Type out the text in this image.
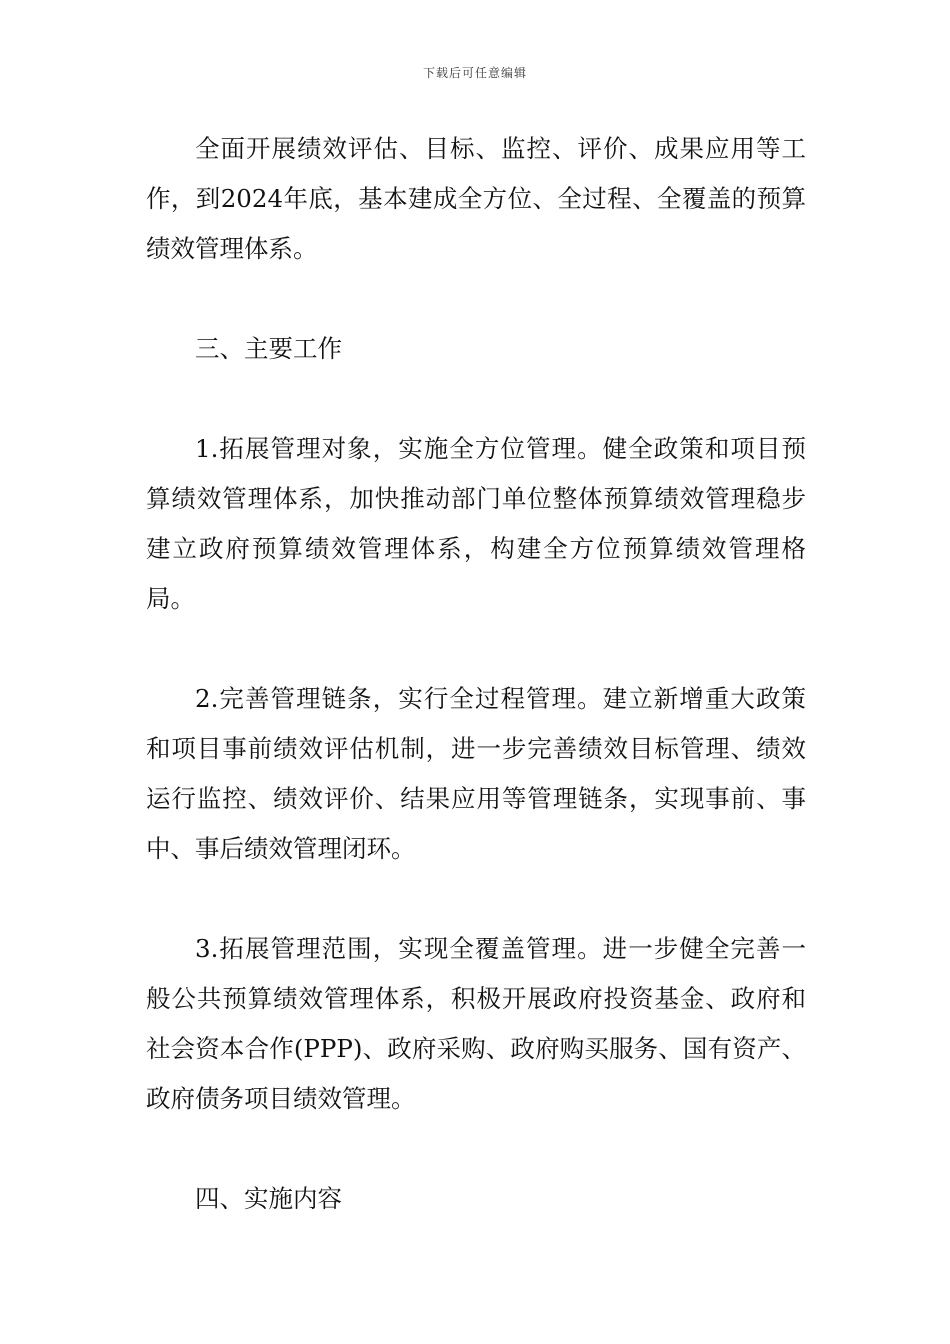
下载后可任意编辑

全面开展绩效评估、目标、监控、评价、成果应用等工作，到2024年底，基本建成全方位、全过程、全覆盖的预算绩效管理体系。

三、主要工作

1.拓展管理对象，实施全方位管理。健全政策和项目预算绩效管理体系，加快推动部门单位整体预算绩效管理稳步建立政府预算绩效管理体系，构建全方位预算绩效管理格局。

2.完善管理链条，实行全过程管理。建立新增重大政策和项目事前绩效评估机制，进一步完善绩效目标管理、绩效运行监控、绩效评价、结果应用等管理链条，实现事前、事中、事后绩效管理闭环。

3.拓展管理范围，实现全覆盖管理。进一步健全完善一般公共预算绩效管理体系，积极开展政府投资基金、政府和社会资本合作(PPP)、政府采购、政府购买服务、国有资产、政府债务项目绩效管理。

四、实施内容
